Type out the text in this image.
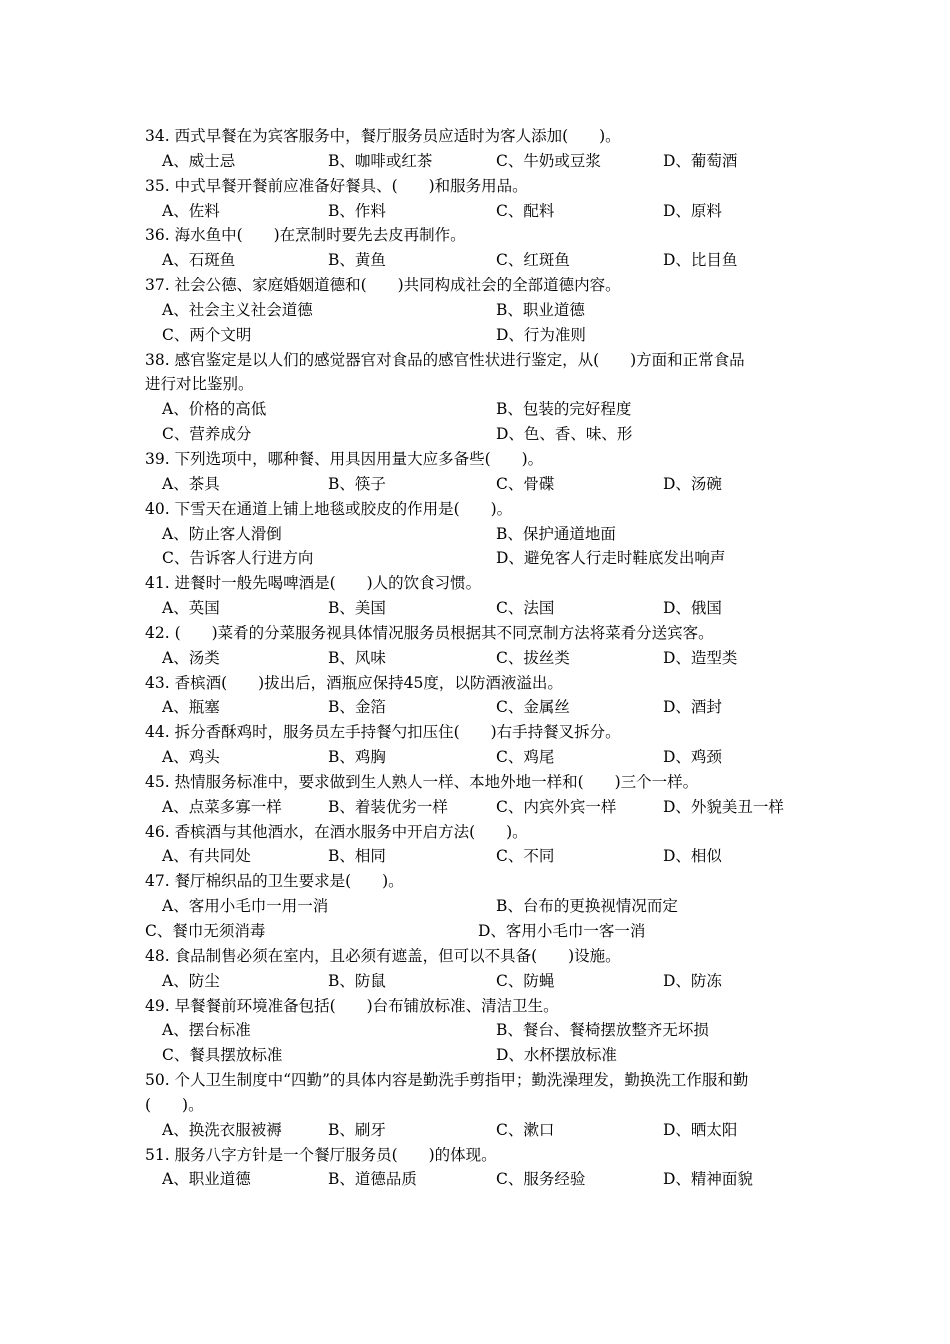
34. 西式早餐在为宾客服务中，餐厅服务员应适时为客人添加(　　)。
A、威士忌	B、咖啡或红茶	C、牛奶或豆浆	D、葡萄酒
35. 中式早餐开餐前应准备好餐具、(　　)和服务用品。
A、佐料	B、作料	C、配料	D、原料
36. 海水鱼中(　　)在烹制时要先去皮再制作。
A、石斑鱼	B、黄鱼	C、红斑鱼	D、比目鱼
37. 社会公德、家庭婚姻道德和(　　)共同构成社会的全部道德内容。
A、社会主义社会道德	B、职业道德
C、两个文明	D、行为准则
38. 感官鉴定是以人们的感觉器官对食品的感官性状进行鉴定，从(　　)方面和正常食品
进行对比鉴别。
A、价格的高低	B、包装的完好程度
C、营养成分	D、色、香、味、形
39. 下列选项中，哪种餐、用具因用量大应多备些(　　)。
A、茶具	B、筷子	C、骨碟	D、汤碗
40. 下雪天在通道上铺上地毯或胶皮的作用是(　　)。
A、防止客人滑倒	B、保护通道地面
C、告诉客人行进方向	D、避免客人行走时鞋底发出响声
41. 进餐时一般先喝啤酒是(　　)人的饮食习惯。
A、英国	B、美国	C、法国	D、俄国
42. (　　)菜肴的分菜服务视具体情况服务员根据其不同烹制方法将菜肴分送宾客。
A、汤类	B、风味	C、拔丝类	D、造型类
43. 香槟酒(　　)拔出后，酒瓶应保持45度，以防酒液溢出。
A、瓶塞	B、金箔	C、金属丝	D、酒封
44. 拆分香酥鸡时，服务员左手持餐勺扣压住(　　)右手持餐叉拆分。
A、鸡头	B、鸡胸	C、鸡尾	D、鸡颈
45. 热情服务标准中，要求做到生人熟人一样、本地外地一样和(　　)三个一样。
A、点菜多寡一样	B、着装优劣一样	C、内宾外宾一样	D、外貌美丑一样
46. 香槟酒与其他酒水，在酒水服务中开启方法(　　)。
A、有共同处	B、相同	C、不同	D、相似
47. 餐厅棉织品的卫生要求是(　　)。
A、客用小毛巾一用一消	B、台布的更换视情况而定
C、餐巾无须消毒	D、客用小毛巾一客一消
48. 食品制售必须在室内，且必须有遮盖，但可以不具备(　　)设施。
A、防尘	B、防鼠	C、防蝇	D、防冻
49. 早餐餐前环境准备包括(　　)台布铺放标准、清洁卫生。
A、摆台标准	B、餐台、餐椅摆放整齐无坏损
C、餐具摆放标准	D、水杯摆放标准
50. 个人卫生制度中“四勤”的具体内容是勤洗手剪指甲；勤洗澡理发，勤换洗工作服和勤
(　　)。
A、换洗衣服被褥	B、刷牙	C、漱口	D、晒太阳
51. 服务八字方针是一个餐厅服务员(　　)的体现。
A、职业道德	B、道德品质	C、服务经验	D、精神面貌
